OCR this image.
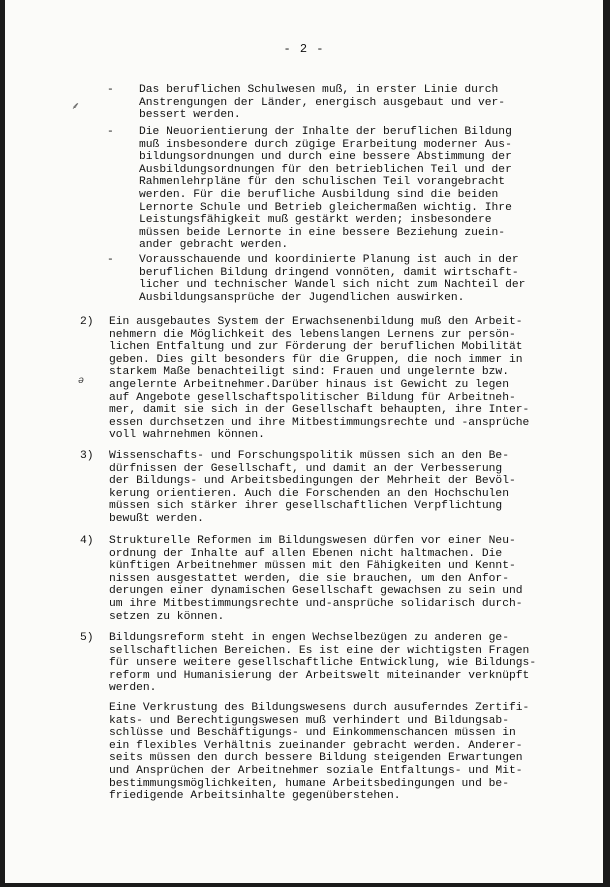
- 2 -
⸙
ə
- Das beruflichen Schulwesen muß, in erster Linie durch

Anstrengungen der Länder, energisch ausgebaut und ver-

bessert werden.

- Die Neuorientierung der Inhalte der beruflichen Bildung

muß insbesondere durch zügige Erarbeitung moderner Aus-

bildungsordnungen und durch eine bessere Abstimmung der

Ausbildungsordnungen für den betrieblichen Teil und der

Rahmenlehrpläne für den schulischen Teil vorangebracht

werden. Für die berufliche Ausbildung sind die beiden

Lernorte Schule und Betrieb gleichermaßen wichtig. Ihre

Leistungsfähigkeit muß gestärkt werden; insbesondere

müssen beide Lernorte in eine bessere Beziehung zuein-

ander gebracht werden.

- Vorausschauende und koordinierte Planung ist auch in der

beruflichen Bildung dringend vonnöten, damit wirtschaft-

licher und technischer Wandel sich nicht zum Nachteil der

Ausbildungsansprüche der Jugendlichen auswirken.

2) Ein ausgebautes System der Erwachsenenbildung muß den Arbeit-

nehmern die Möglichkeit des lebenslangen Lernens zur persön-

lichen Entfaltung und zur Förderung der beruflichen Mobilität

geben. Dies gilt besonders für die Gruppen, die noch immer in

starkem Maße benachteiligt sind: Frauen und ungelernte bzw.

angelernte Arbeitnehmer.Darüber hinaus ist Gewicht zu legen

auf Angebote gesellschaftspolitischer Bildung für Arbeitneh-

mer, damit sie sich in der Gesellschaft behaupten, ihre Inter-

essen durchsetzen und ihre Mitbestimmungsrechte und -ansprüche

voll wahrnehmen können.

3) Wissenschafts- und Forschungspolitik müssen sich an den Be-

dürfnissen der Gesellschaft, und damit an der Verbesserung

der Bildungs- und Arbeitsbedingungen der Mehrheit der Bevöl-

kerung orientieren. Auch die Forschenden an den Hochschulen

müssen sich stärker ihrer gesellschaftlichen Verpflichtung

bewußt werden.

4) Strukturelle Reformen im Bildungswesen dürfen vor einer Neu-

ordnung der Inhalte auf allen Ebenen nicht haltmachen. Die

künftigen Arbeitnehmer müssen mit den Fähigkeiten und Kennt-

nissen ausgestattet werden, die sie brauchen, um den Anfor-

derungen einer dynamischen Gesellschaft gewachsen zu sein und

um ihre Mitbestimmungsrechte und-ansprüche solidarisch durch-

setzen zu können.

5) Bildungsreform steht in engen Wechselbezügen zu anderen ge-

sellschaftlichen Bereichen. Es ist eine der wichtigsten Fragen

für unsere weitere gesellschaftliche Entwicklung, wie Bildungs-

reform und Humanisierung der Arbeitswelt miteinander verknüpft

werden.

Eine Verkrustung des Bildungswesens durch ausuferndes Zertifi-

kats- und Berechtigungswesen muß verhindert und Bildungsab-

schlüsse und Beschäftigungs- und Einkommenschancen müssen in

ein flexibles Verhältnis zueinander gebracht werden. Anderer-

seits müssen den durch bessere Bildung steigenden Erwartungen

und Ansprüchen der Arbeitnehmer soziale Entfaltungs- und Mit-

bestimmungsmöglichkeiten, humane Arbeitsbedingungen und be-

friedigende Arbeitsinhalte gegenüberstehen.
